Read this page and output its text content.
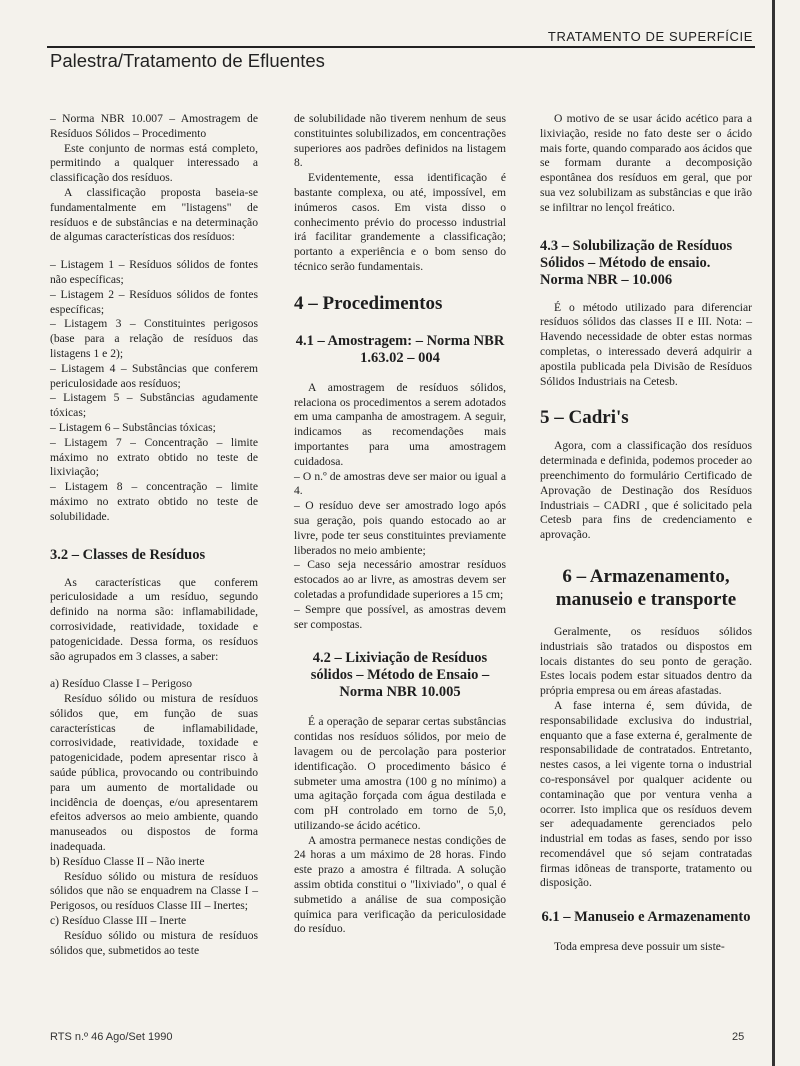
TRATAMENTO DE SUPERFÍCIE
Palestra/Tratamento de Efluentes

– Norma NBR 10.007 – Amostragem de Resíduos Sólidos – Procedimento

Este conjunto de normas está completo, permitindo a qualquer interessado a classificação dos resíduos.

A classificação proposta baseia-se fundamentalmente em "listagens" de resíduos e de substâncias e na determinação de algumas características dos resíduos:

– Listagem 1 – Resíduos sólidos de fontes não específicas;

– Listagem 2 – Resíduos sólidos de fontes específicas;

– Listagem 3 – Constituintes perigosos (base para a relação de resíduos das listagens 1 e 2);

– Listagem 4 – Substâncias que conferem periculosidade aos resíduos;

– Listagem 5 – Substâncias agudamente tóxicas;

– Listagem 6 – Substâncias tóxicas;

– Listagem 7 – Concentração – limite máximo no extrato obtido no teste de lixiviação;

– Listagem 8 – concentração – limite máximo no extrato obtido no teste de solubilidade.

3.2 – Classes de Resíduos

As características que conferem periculosidade a um resíduo, segundo definido na norma são: inflamabilidade, corrosividade, reatividade, toxidade e patogenicidade. Dessa forma, os resíduos são agrupados em 3 classes, a saber:

a) Resíduo Classe I – Perigoso

Resíduo sólido ou mistura de resíduos sólidos que, em função de suas características de inflamabilidade, corrosividade, reatividade, toxidade e patogenicidade, podem apresentar risco à saúde pública, provocando ou contribuindo para um aumento de mortalidade ou incidência de doenças, e/ou apresentarem efeitos adversos ao meio ambiente, quando manuseados ou dispostos de forma inadequada.

b) Resíduo Classe II – Não inerte

Resíduo sólido ou mistura de resíduos sólidos que não se enquadrem na Classe I – Perigosos, ou resíduos Classe III – Inertes;

c) Resíduo Classe III – Inerte

Resíduo sólido ou mistura de resíduos sólidos que, submetidos ao teste

de solubilidade não tiverem nenhum de seus constituintes solubilizados, em concentrações superiores aos padrões definidos na listagem 8.

Evidentemente, essa identificação é bastante complexa, ou até, impossível, em inúmeros casos. Em vista disso o conhecimento prévio do processo industrial irá facilitar grandemente a classificação; portanto a experiência e o bom senso do técnico serão fundamentais.

4 – Procedimentos
4.1 – Amostragem: – Norma NBR 1.63.02 – 004

A amostragem de resíduos sólidos, relaciona os procedimentos a serem adotados em uma campanha de amostragem. A seguir, indicamos as recomendações mais importantes para uma amostragem cuidadosa.

– O n.º de amostras deve ser maior ou igual a 4.

– O resíduo deve ser amostrado logo após sua geração, pois quando estocado ao ar livre, pode ter seus constituintes previamente liberados no meio ambiente;

– Caso seja necessário amostrar resíduos estocados ao ar livre, as amostras devem ser coletadas a profundidade superiores a 15 cm;

– Sempre que possível, as amostras devem ser compostas.

4.2 – Lixiviação de Resíduos sólidos – Método de Ensaio – Norma NBR 10.005

É a operação de separar certas substâncias contidas nos resíduos sólidos, por meio de lavagem ou de percolação para posterior identificação. O procedimento básico é submeter uma amostra (100 g no mínimo) a uma agitação forçada com água destilada e com pH controlado em torno de 5,0, utilizando-se ácido acético.

A amostra permanece nestas condições de 24 horas a um máximo de 28 horas. Findo este prazo a amostra é filtrada. A solução assim obtida constitui o "lixiviado", o qual é submetido a análise de sua composição química para verificação da periculosidade do resíduo.

O motivo de se usar ácido acético para a lixiviação, reside no fato deste ser o ácido mais forte, quando comparado aos ácidos que se formam durante a decomposição espontânea dos resíduos em geral, que por sua vez solubilizam as substâncias e que irão se infiltrar no lençol freático.

4.3 – Solubilização de Resíduos Sólidos – Método de ensaio. Norma NBR – 10.006

É o método utilizado para diferenciar resíduos sólidos das classes II e III. Nota: – Havendo necessidade de obter estas normas completas, o interessado deverá adquirir a apostila publicada pela Divisão de Resíduos Sólidos Industriais na Cetesb.

5 – Cadri's

Agora, com a classificação dos resíduos determinada e definida, podemos proceder ao preenchimento do formulário Certificado de Aprovação de Destinação dos Resíduos Industriais – CADRI , que é solicitado pela Cetesb para fins de credenciamento e aprovação.

6 – Armazenamento, manuseio e transporte

Geralmente, os resíduos sólidos industriais são tratados ou dispostos em locais distantes do seu ponto de geração. Estes locais podem estar situados dentro da própria empresa ou em áreas afastadas.

A fase interna é, sem dúvida, de responsabilidade exclusiva do industrial, enquanto que a fase externa é, geralmente de responsabilidade de contratados. Entretanto, nestes casos, a lei vigente torna o industrial co-responsável por qualquer acidente ou contaminação que por ventura venha a ocorrer. Isto implica que os resíduos devem ser adequadamente gerenciados pelo industrial em todas as fases, sendo por isso recomendável que só sejam contratadas firmas idôneas de transporte, tratamento ou disposição.

6.1 – Manuseio e Armazenamento

Toda empresa deve possuir um siste-

RTS n.º 46 Ago/Set 1990	25
